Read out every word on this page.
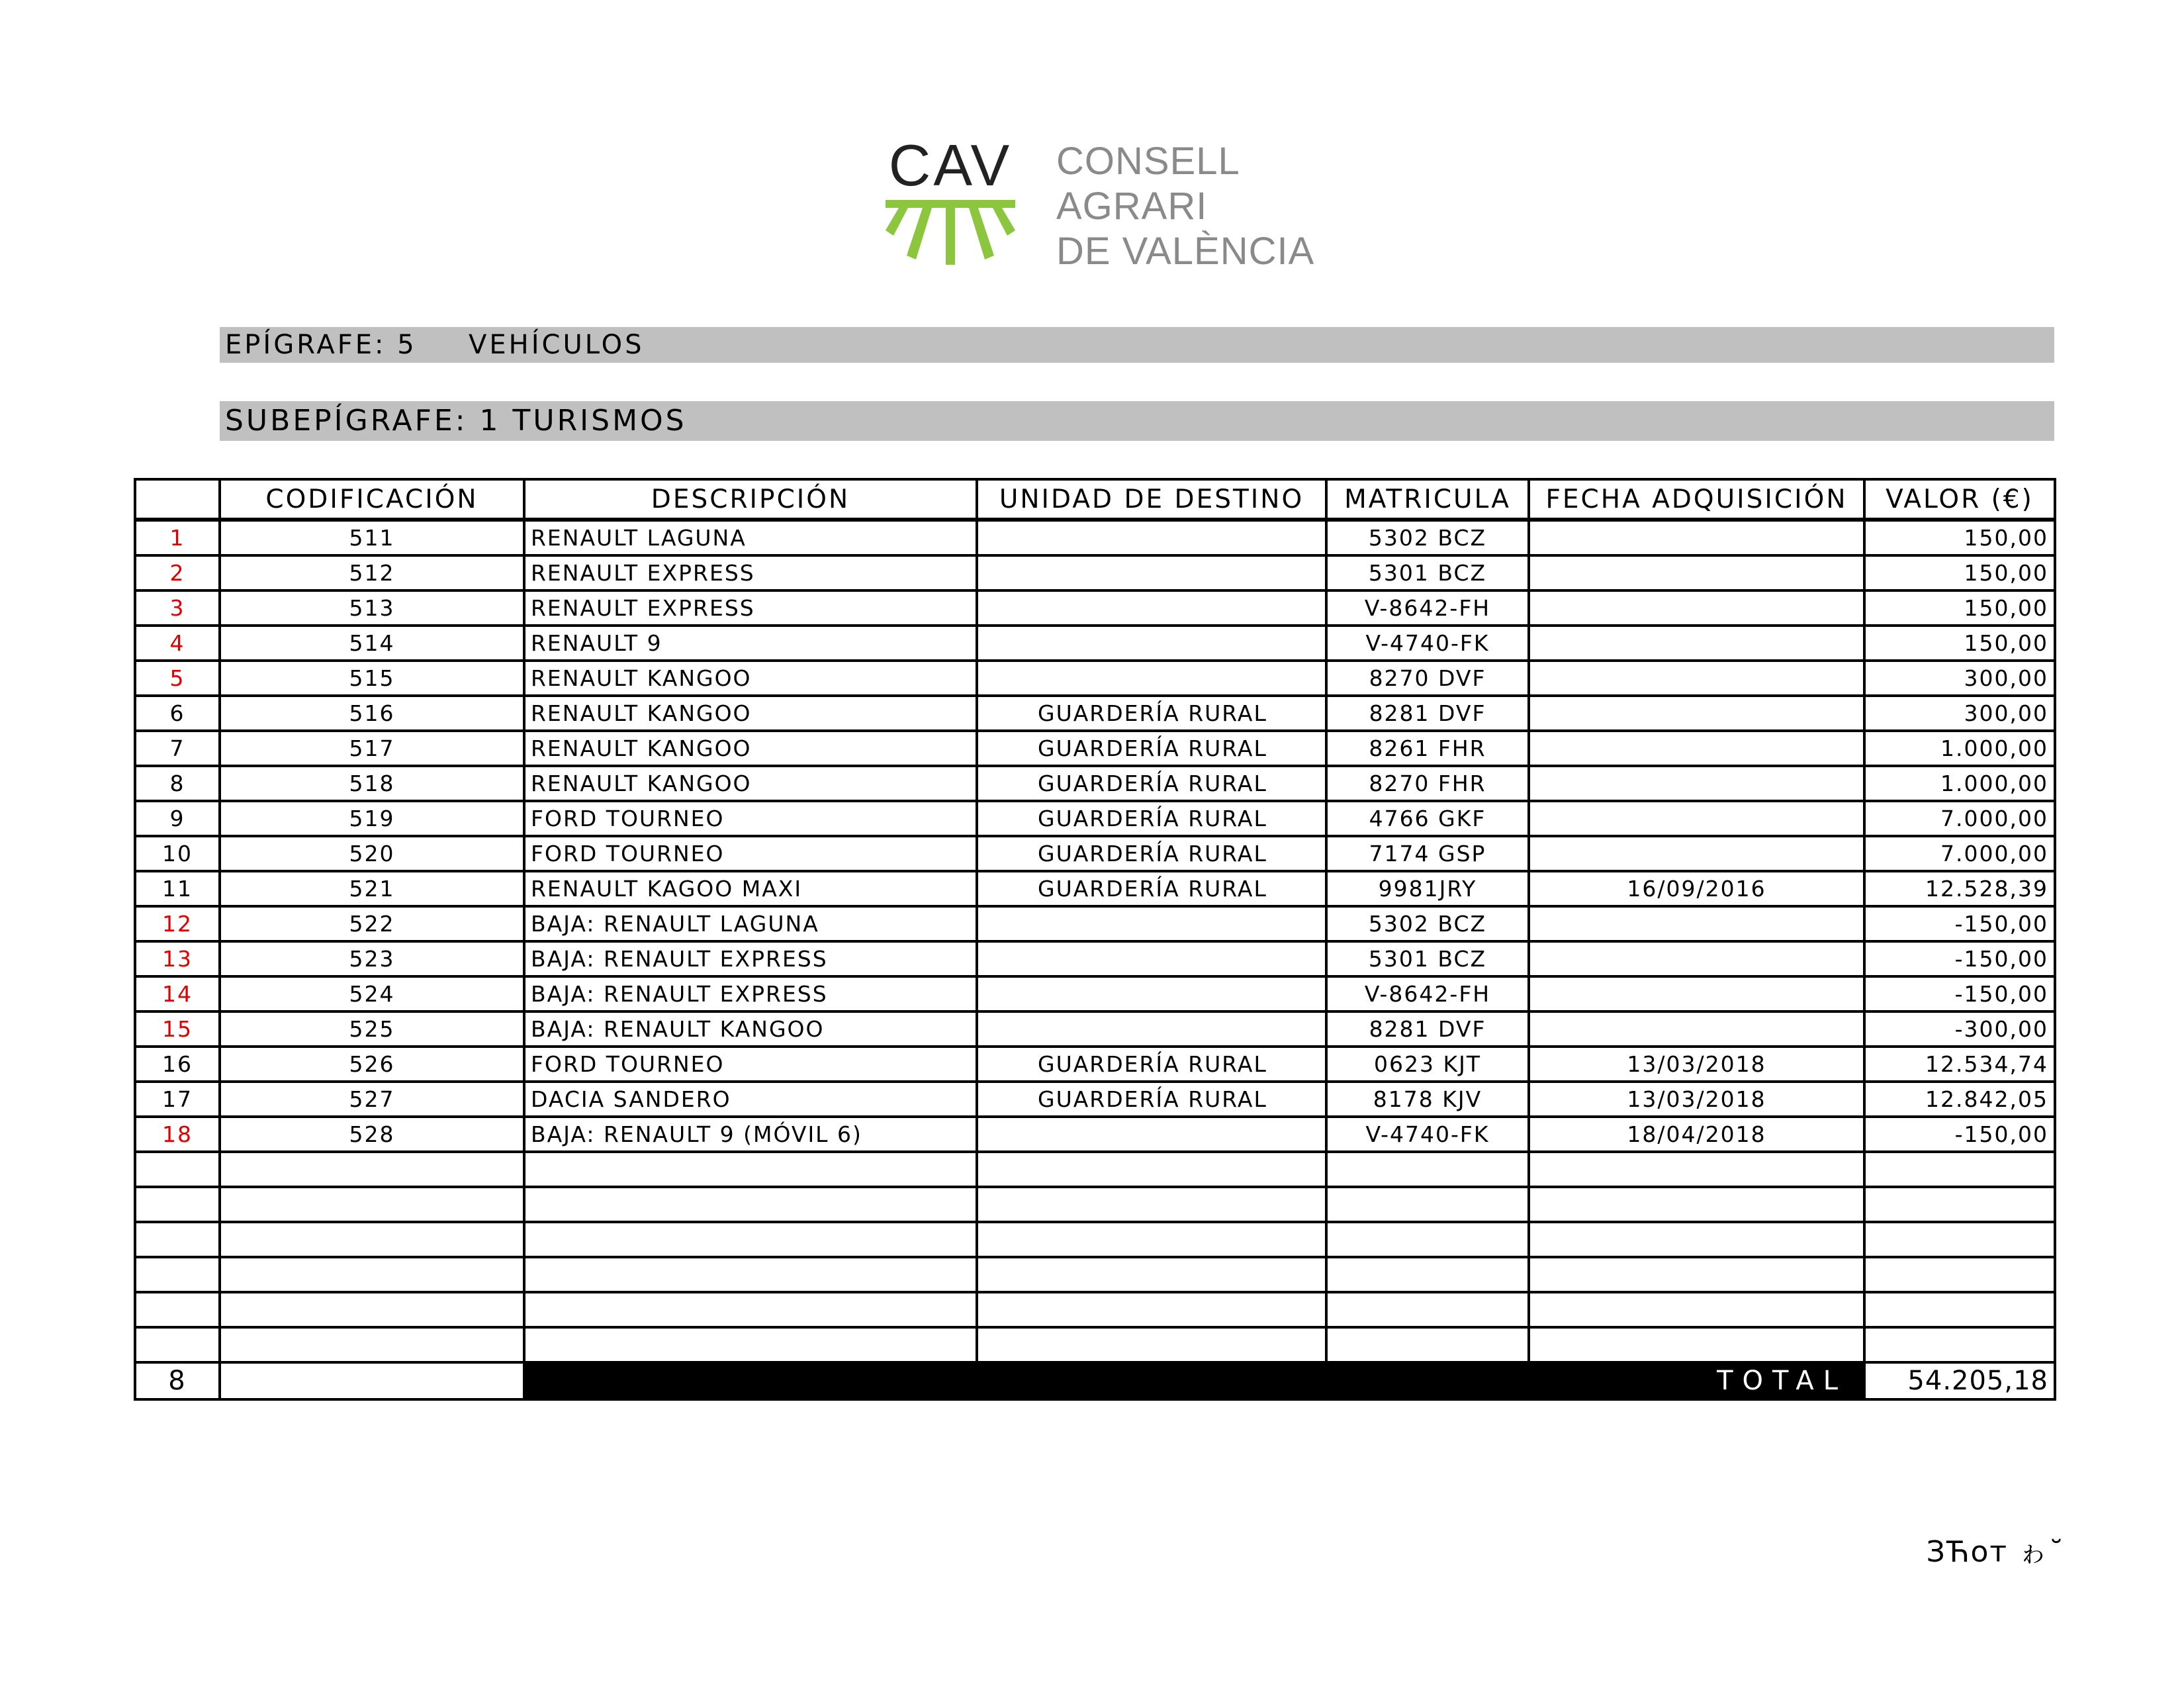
CAV CONSELL
AGRARI
DE VALÈNCIA
EPÍGRAFE: 5 VEHÍCULOS
SUBEPÍGRAFE: 1 TURISMOS
	CODIFICACIÓN	DESCRIPCIÓN	UNIDAD DE DESTINO	MATRICULA	FECHA ADQUISICIÓN	VALOR (€)
1	511	RENAULT LAGUNA		5302 BCZ		150,00
2	512	RENAULT EXPRESS		5301 BCZ		150,00
3	513	RENAULT EXPRESS		V-8642-FH		150,00
4	514	RENAULT 9		V-4740-FK		150,00
5	515	RENAULT KANGOO		8270 DVF		300,00
6	516	RENAULT KANGOO	GUARDERÍA RURAL	8281 DVF		300,00
7	517	RENAULT KANGOO	GUARDERÍA RURAL	8261 FHR		1.000,00
8	518	RENAULT KANGOO	GUARDERÍA RURAL	8270 FHR		1.000,00
9	519	FORD TOURNEO	GUARDERÍA RURAL	4766 GKF		7.000,00
10	520	FORD TOURNEO	GUARDERÍA RURAL	7174 GSP		7.000,00
11	521	RENAULT KAGOO MAXI	GUARDERÍA RURAL	9981JRY	16/09/2016	12.528,39
12	522	BAJA: RENAULT LAGUNA		5302 BCZ		-150,00
13	523	BAJA: RENAULT EXPRESS		5301 BCZ		-150,00
14	524	BAJA: RENAULT EXPRESS		V-8642-FH		-150,00
15	525	BAJA: RENAULT KANGOO		8281 DVF		-300,00
16	526	FORD TOURNEO	GUARDERÍA RURAL	0623 KJT	13/03/2018	12.534,74
17	527	DACIA SANDERO	GUARDERÍA RURAL	8178 KJV	13/03/2018	12.842,05
18	528	BAJA: RENAULT 9 (MÓVIL 6)		V-4740-FK	18/04/2018	-150,00

8		TOTAL				54.205,18
ЗЋот ゎ˘
